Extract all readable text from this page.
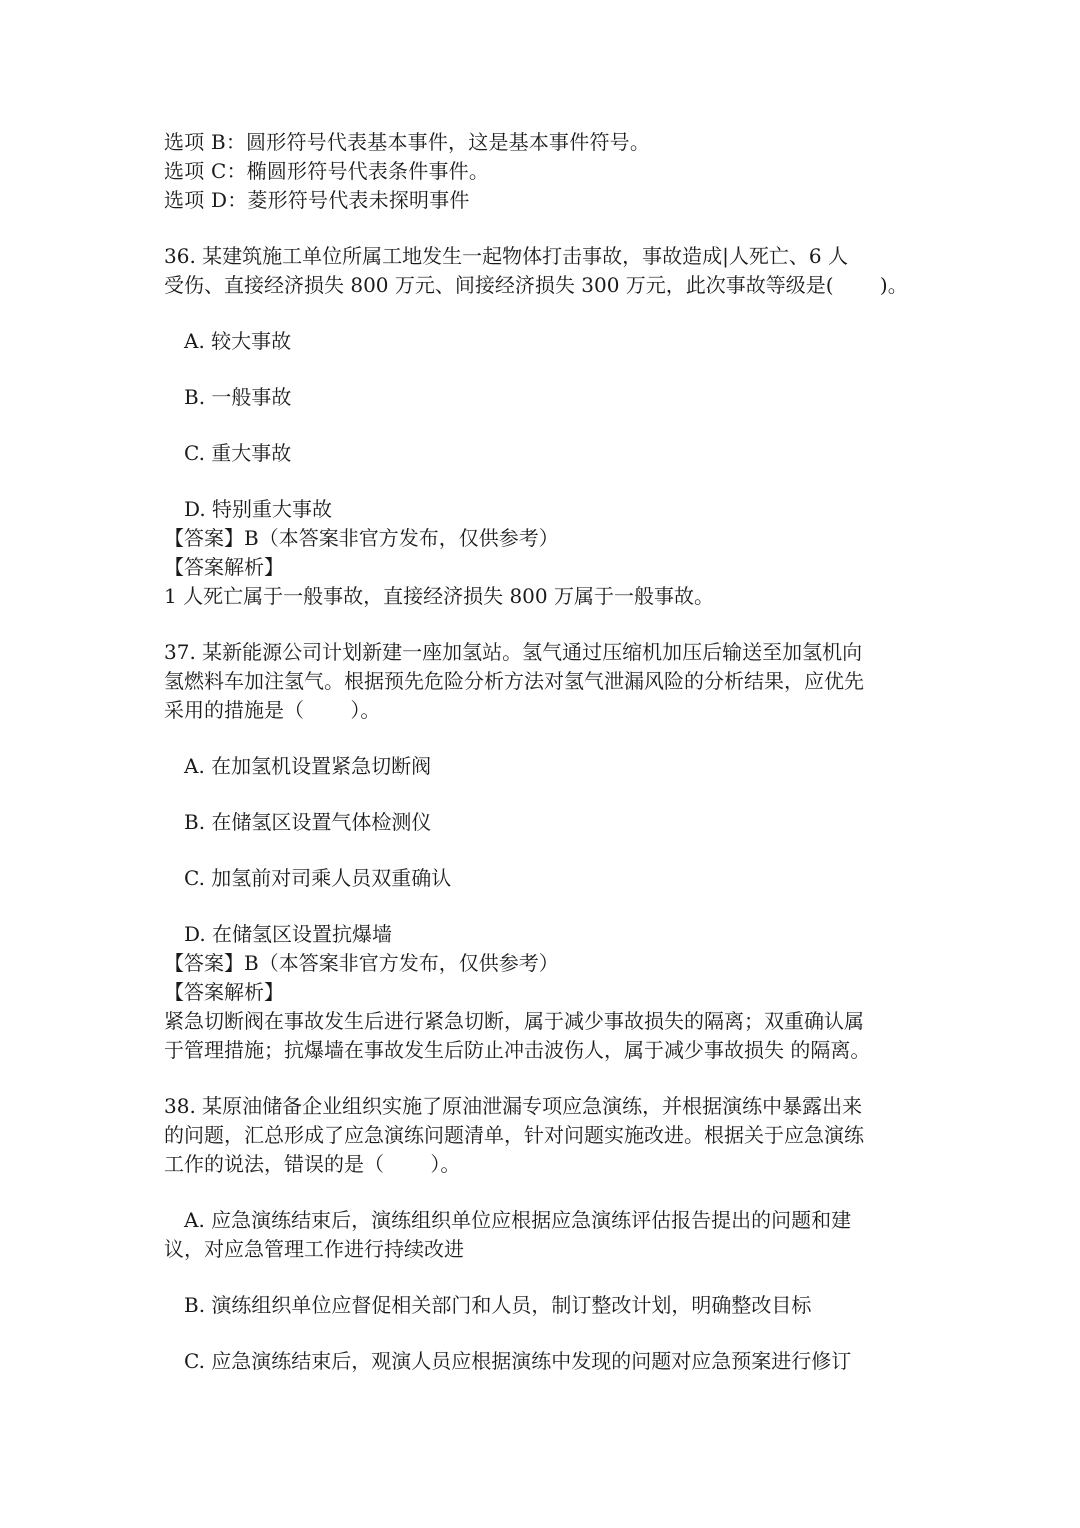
选项 B：圆形符号代表基本事件，这是基本事件符号。
选项 C：椭圆形符号代表条件事件。
选项 D：菱形符号代表未探明事件
36. 某建筑施工单位所属工地发生一起物体打击事故，事故造成|人死亡、6 人
受伤、直接经济损失 800 万元、间接经济损失 300 万元，此次事故等级是(　　 )。
A. 较大事故
B. 一般事故
C. 重大事故
D. 特别重大事故
【答案】B（本答案非官方发布，仅供参考）
【答案解析】
1 人死亡属于一般事故，直接经济损失 800 万属于一般事故。
37. 某新能源公司计划新建一座加氢站。氢气通过压缩机加压后输送至加氢机向
氢燃料车加注氢气。根据预先危险分析方法对氢气泄漏风险的分析结果，应优先
采用的措施是（　　 ）。
A. 在加氢机设置紧急切断阀
B. 在储氢区设置气体检测仪
C. 加氢前对司乘人员双重确认
D. 在储氢区设置抗爆墙
【答案】B（本答案非官方发布，仅供参考）
【答案解析】
紧急切断阀在事故发生后进行紧急切断，属于减少事故损失的隔离；双重确认属
于管理措施；抗爆墙在事故发生后防止冲击波伤人，属于减少事故损失 的隔离。
38. 某原油储备企业组织实施了原油泄漏专项应急演练，并根据演练中暴露出来
的问题，汇总形成了应急演练问题清单，针对问题实施改进。根据关于应急演练
工作的说法，错误的是（　　 ）。
A. 应急演练结束后，演练组织单位应根据应急演练评估报告提出的问题和建
议，对应急管理工作进行持续改进
B. 演练组织单位应督促相关部门和人员，制订整改计划，明确整改目标
C. 应急演练结束后，观演人员应根据演练中发现的问题对应急预案进行修订
